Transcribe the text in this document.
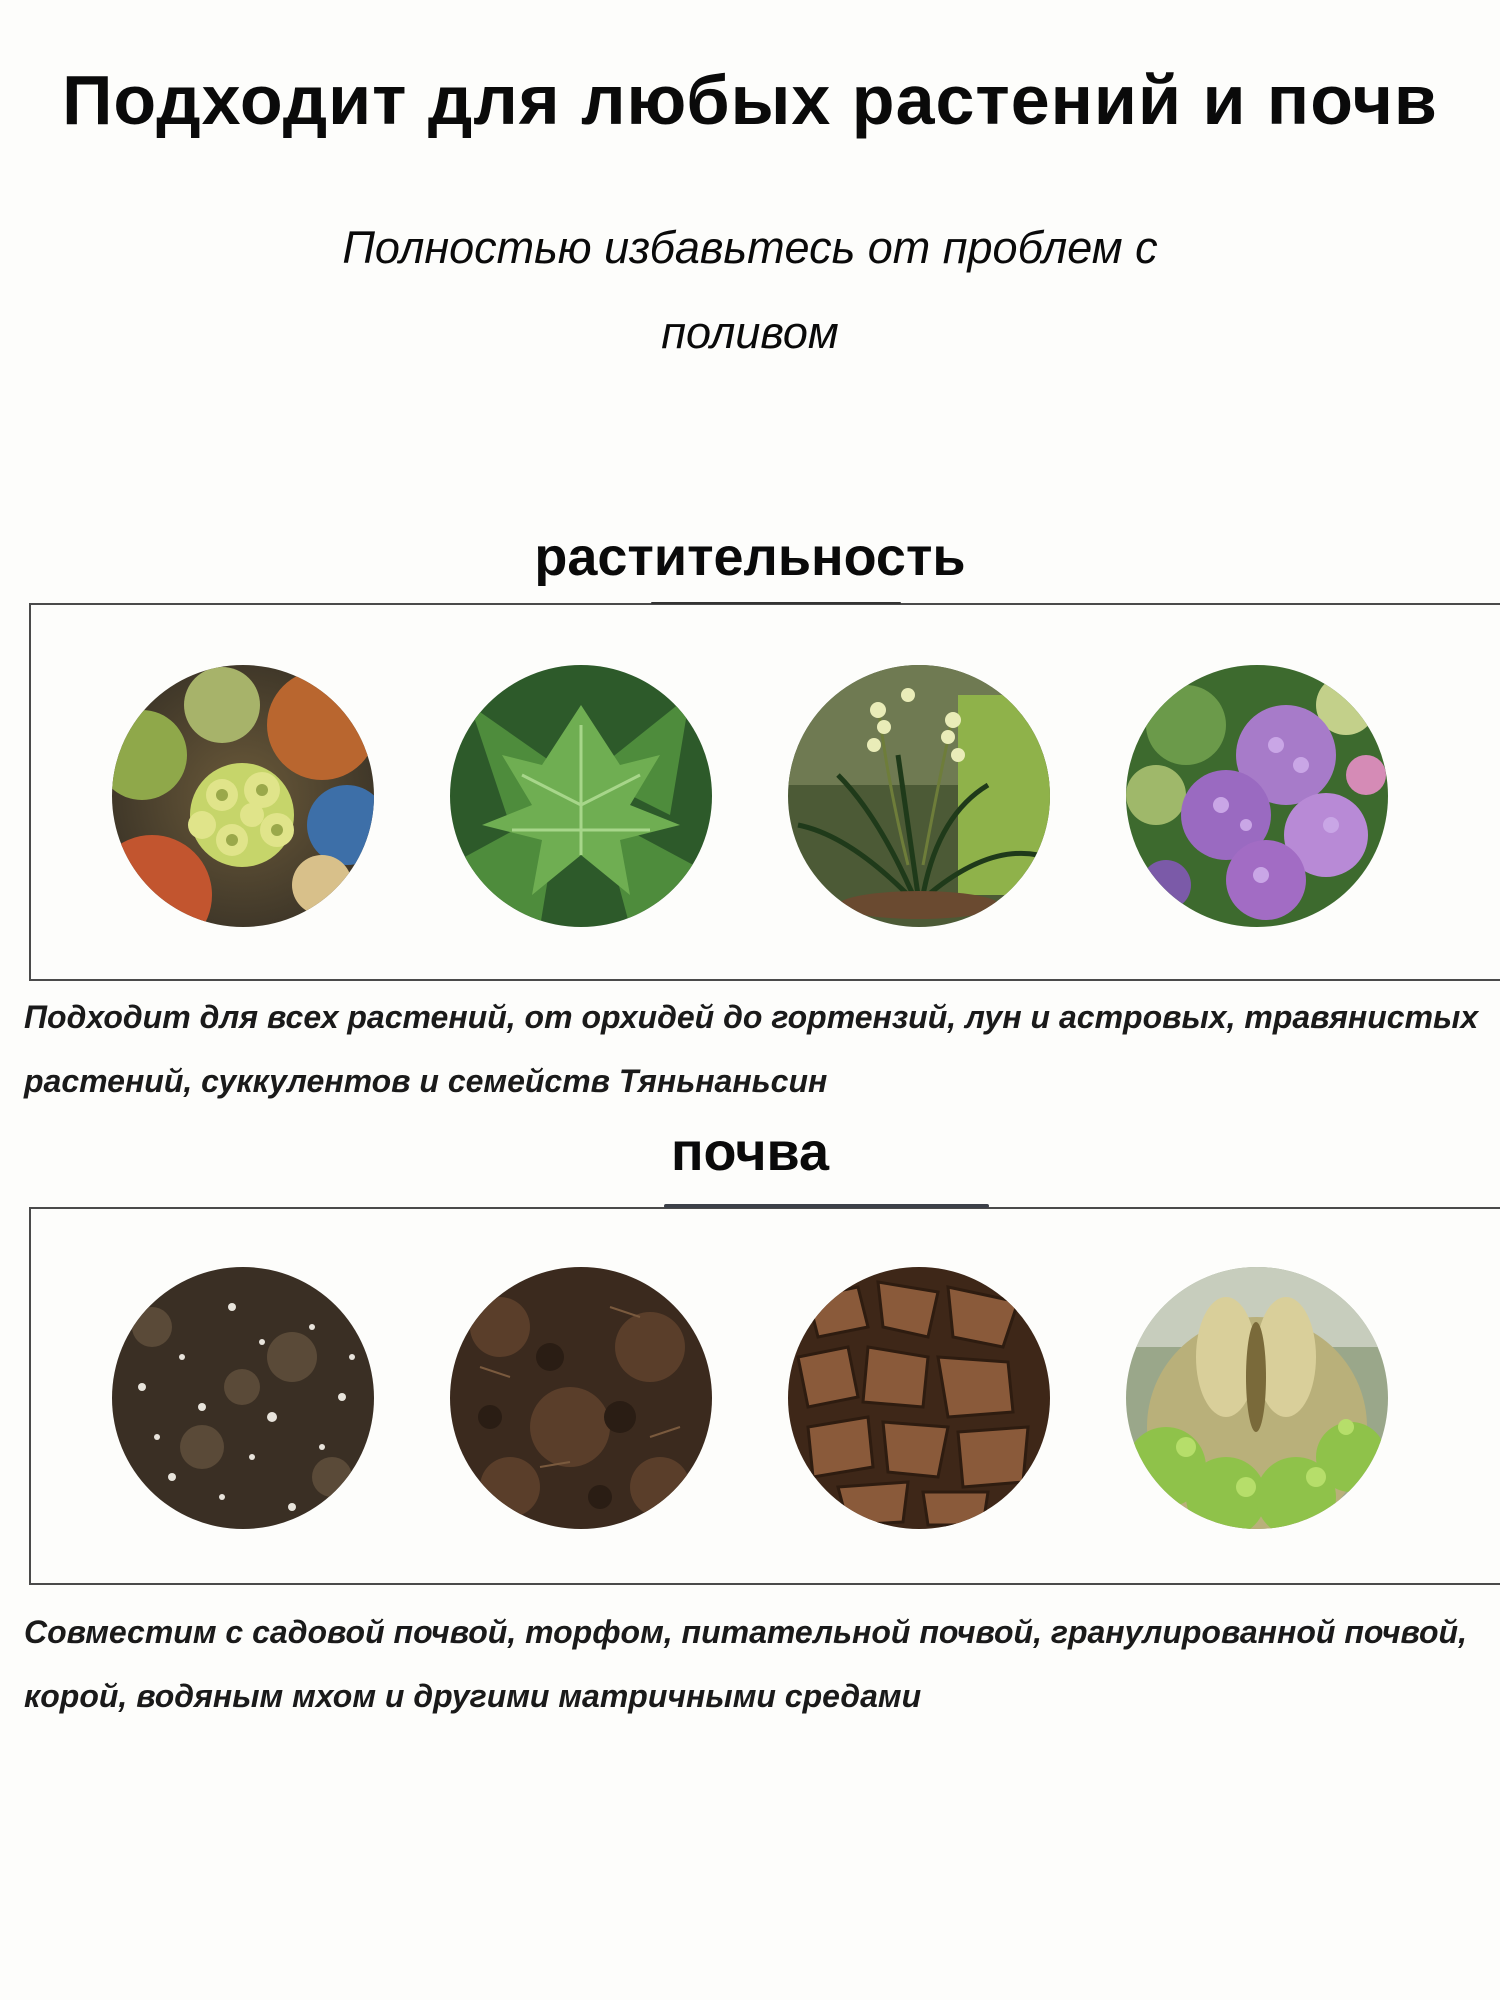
Подходит для любых растений и почв

Полностью избавьтесь от проблем с поливом

растительность

Подходит для всех растений, от орхидей до гортензий, лун и астровых, травянистых растений, суккулентов и семейств Тяньнаньсин

почва

Совместим с садовой почвой, торфом, питательной почвой, гранулированной почвой, корой, водяным мхом и другими матричными средами
